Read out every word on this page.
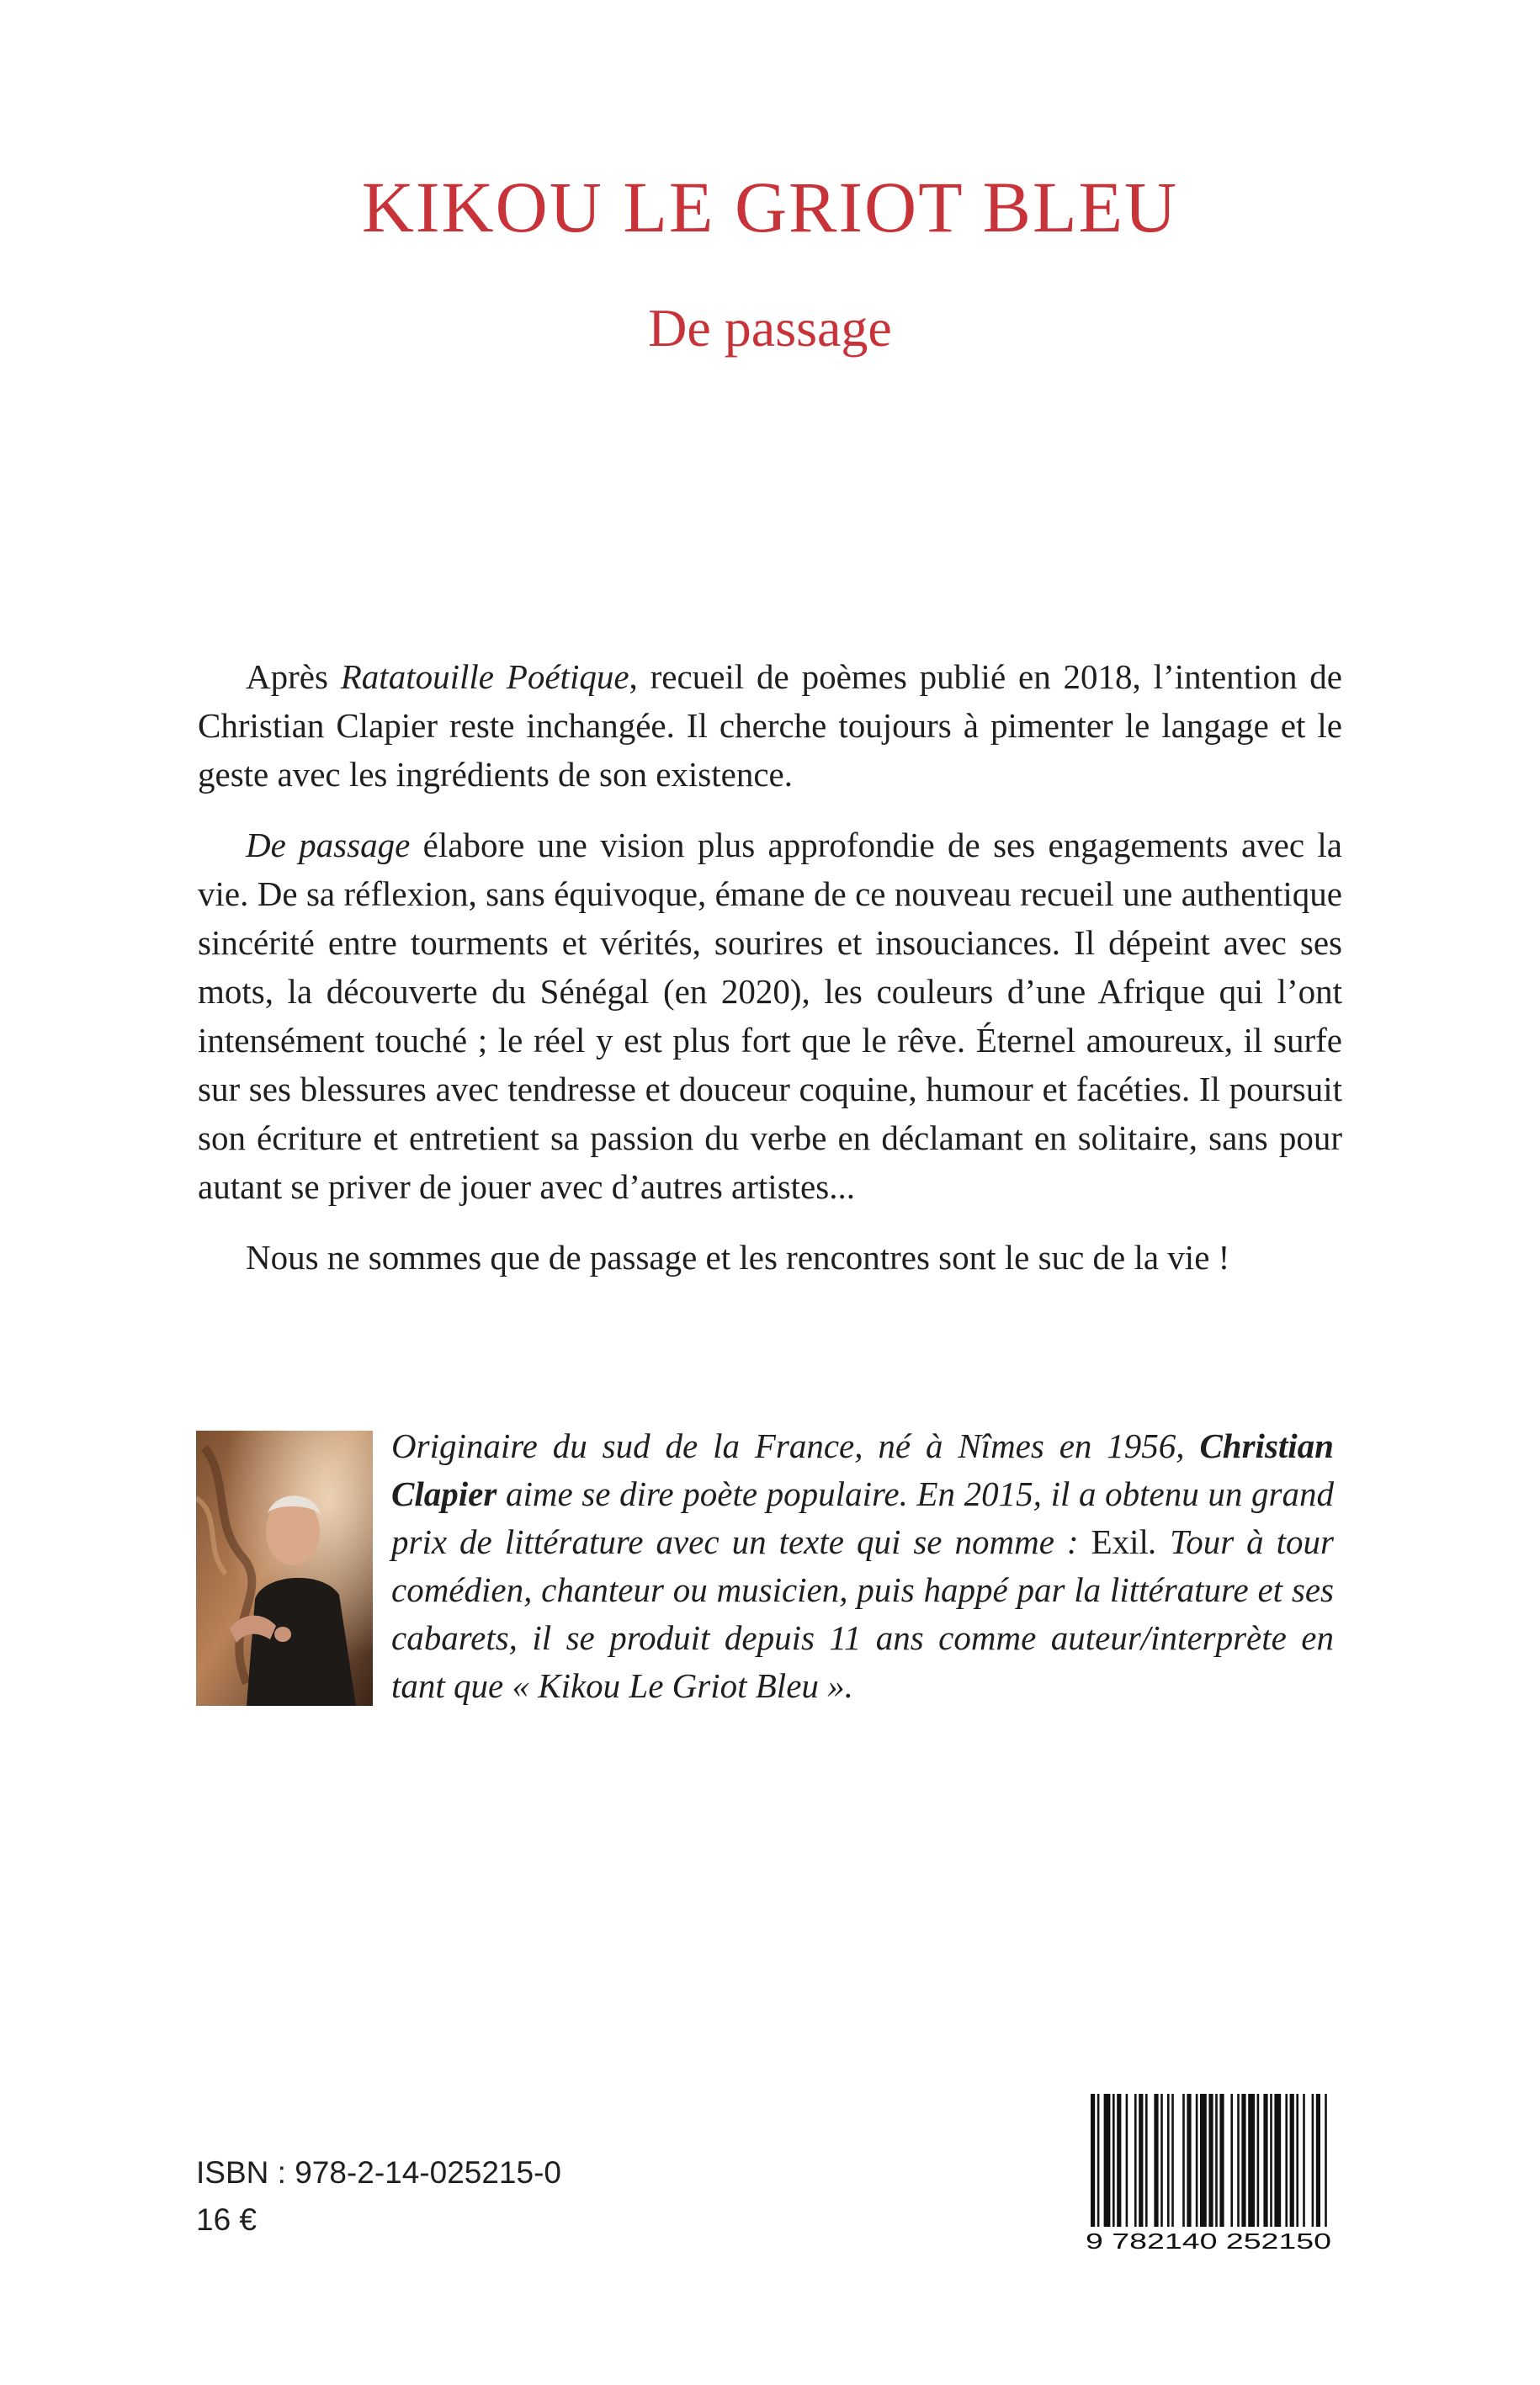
KIKOU LE GRIOT BLEU
De passage

Après Ratatouille Poétique, recueil de poèmes publié en 2018, l’intention de Christian Clapier reste inchangée. Il cherche toujours à pimenter le langage et le geste avec les ingrédients de son existence.

De passage élabore une vision plus approfondie de ses engagements avec la vie. De sa réflexion, sans équivoque, émane de ce nouveau recueil une authentique sincérité entre tourments et vérités, sourires et insouciances. Il dépeint avec ses mots, la découverte du Sénégal (en 2020), les couleurs d’une Afrique qui l’ont intensément touché ; le réel y est plus fort que le rêve. Éternel amoureux, il surfe sur ses blessures avec tendresse et douceur coquine, humour et facéties. Il poursuit son écriture et entretient sa passion du verbe en déclamant en solitaire, sans pour autant se priver de jouer avec d’autres artistes...

Nous ne sommes que de passage et les rencontres sont le suc de la vie !

Originaire du sud de la France, né à Nîmes en 1956, Christian Clapier aime se dire poète populaire. En 2015, il a obtenu un grand prix de littérature avec un texte qui se nomme : Exil. Tour à tour comédien, chanteur ou musicien, puis happé par la littérature et ses cabarets, il se produit depuis 11 ans comme auteur/interprète en tant que « Kikou Le Griot Bleu ».
ISBN : 978-2-14-025215-0
16 €
9 782140 252150
